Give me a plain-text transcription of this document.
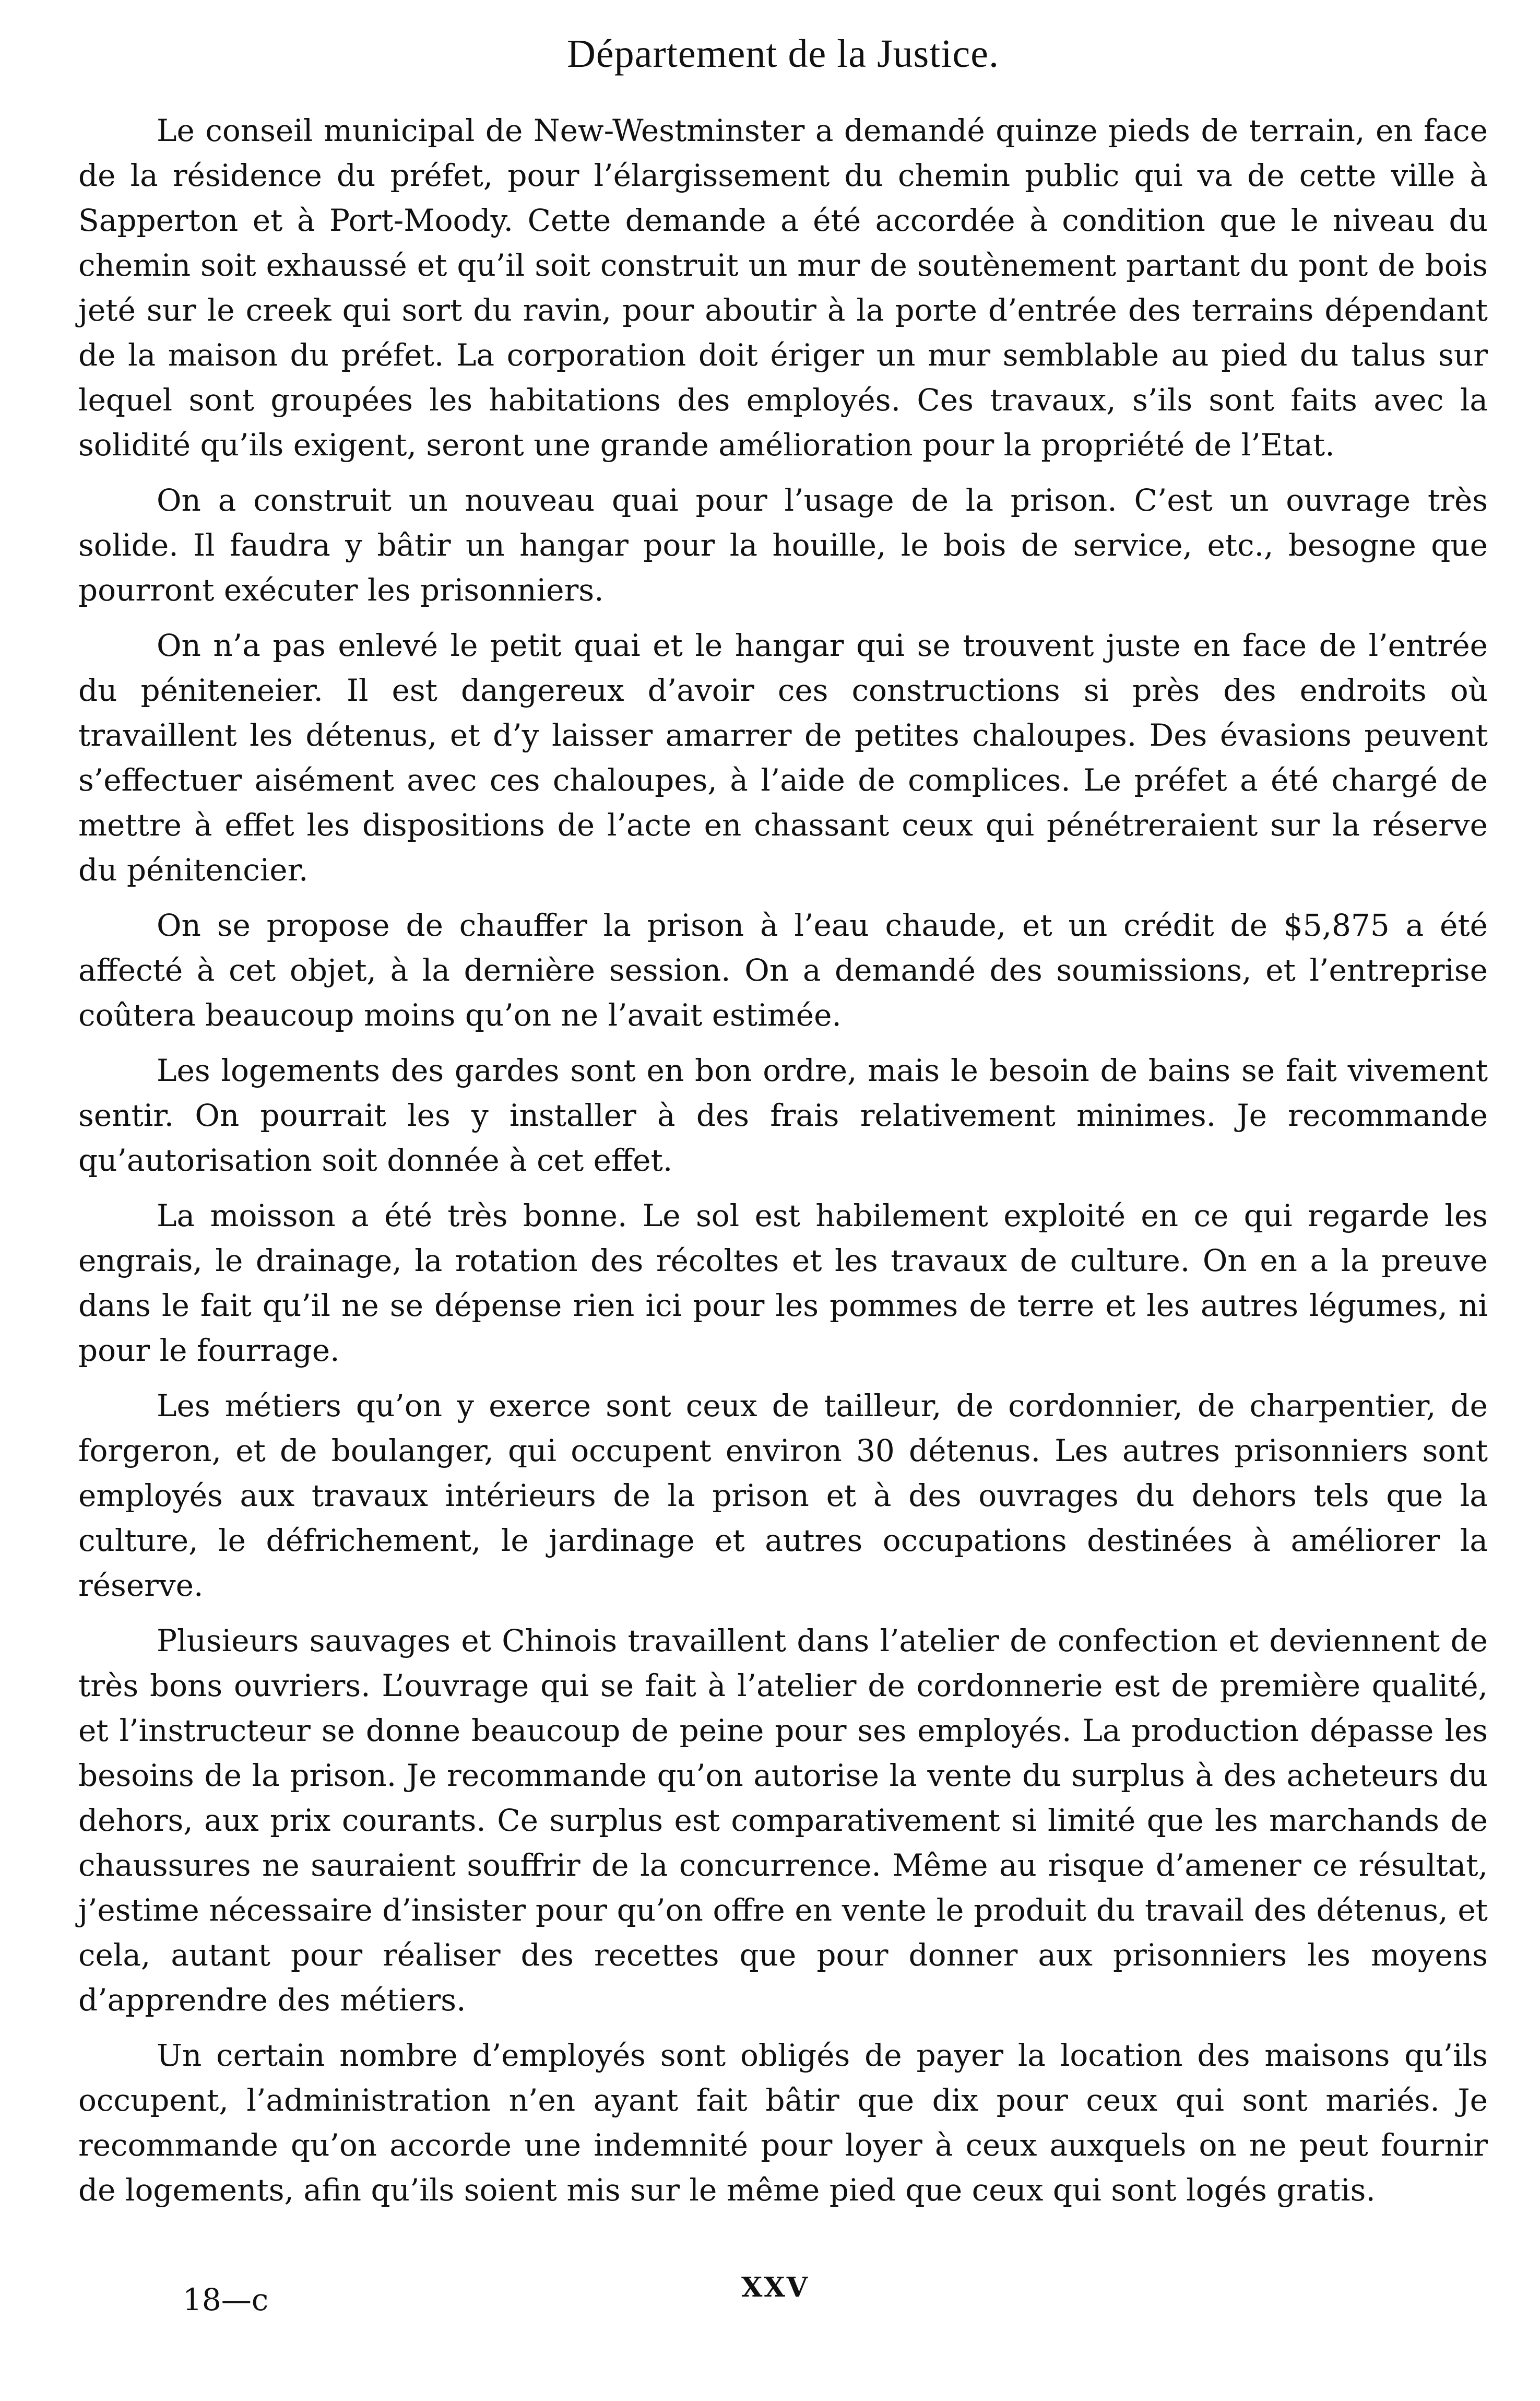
Département de la Justice.

Le conseil municipal de New-Westminster a demandé quinze pieds de terrain, en face de la résidence du préfet, pour l’élargissement du chemin public qui va de cette ville à Sapperton et à Port-Moody. Cette demande a été accordée à condition que le niveau du chemin soit exhaussé et qu’il soit construit un mur de soutènement partant du pont de bois jeté sur le creek qui sort du ravin, pour aboutir à la porte d’entrée des terrains dépendant de la maison du préfet. La corporation doit ériger un mur semblable au pied du talus sur lequel sont groupées les habitations des employés. Ces travaux, s’ils sont faits avec la solidité qu’ils exigent, seront une grande amélioration pour la propriété de l’Etat.

On a construit un nouveau quai pour l’usage de la prison. C’est un ouvrage très solide. Il faudra y bâtir un hangar pour la houille, le bois de service, etc., besogne que pourront exécuter les prisonniers.

On n’a pas enlevé le petit quai et le hangar qui se trouvent juste en face de l’entrée du péniteneier. Il est dangereux d’avoir ces constructions si près des endroits où travaillent les détenus, et d’y laisser amarrer de petites chaloupes. Des évasions peuvent s’effectuer aisément avec ces chaloupes, à l’aide de complices. Le préfet a été chargé de mettre à effet les dispositions de l’acte en chassant ceux qui pénétreraient sur la réserve du pénitencier.

On se propose de chauffer la prison à l’eau chaude, et un crédit de $5,875 a été affecté à cet objet, à la dernière session. On a demandé des soumissions, et l’entreprise coûtera beaucoup moins qu’on ne l’avait estimée.

Les logements des gardes sont en bon ordre, mais le besoin de bains se fait vivement sentir. On pourrait les y installer à des frais relativement minimes. Je recommande qu’autorisation soit donnée à cet effet.

La moisson a été très bonne. Le sol est habilement exploité en ce qui regarde les engrais, le drainage, la rotation des récoltes et les travaux de culture. On en a la preuve dans le fait qu’il ne se dépense rien ici pour les pommes de terre et les autres légumes, ni pour le fourrage.

Les métiers qu’on y exerce sont ceux de tailleur, de cordonnier, de charpentier, de forgeron, et de boulanger, qui occupent environ 30 détenus. Les autres prisonniers sont employés aux travaux intérieurs de la prison et à des ouvrages du dehors tels que la culture, le défrichement, le jardinage et autres occupations destinées à améliorer la réserve.

Plusieurs sauvages et Chinois travaillent dans l’atelier de confection et deviennent de très bons ouvriers. L’ouvrage qui se fait à l’atelier de cordonnerie est de première qualité, et l’instructeur se donne beaucoup de peine pour ses employés. La production dépasse les besoins de la prison. Je recommande qu’on autorise la vente du surplus à des acheteurs du dehors, aux prix courants. Ce surplus est comparativement si limité que les marchands de chaussures ne sauraient souffrir de la concurrence. Même au risque d’amener ce résultat, j’estime nécessaire d’insister pour qu’on offre en vente le produit du travail des détenus, et cela, autant pour réaliser des recettes que pour donner aux prisonniers les moyens d’apprendre des métiers.

Un certain nombre d’employés sont obligés de payer la location des maisons qu’ils occupent, l’administration n’en ayant fait bâtir que dix pour ceux qui sont mariés. Je recommande qu’on accorde une indemnité pour loyer à ceux auxquels on ne peut fournir de logements, afin qu’ils soient mis sur le même pied que ceux qui sont logés gratis.

XXV
18—c
